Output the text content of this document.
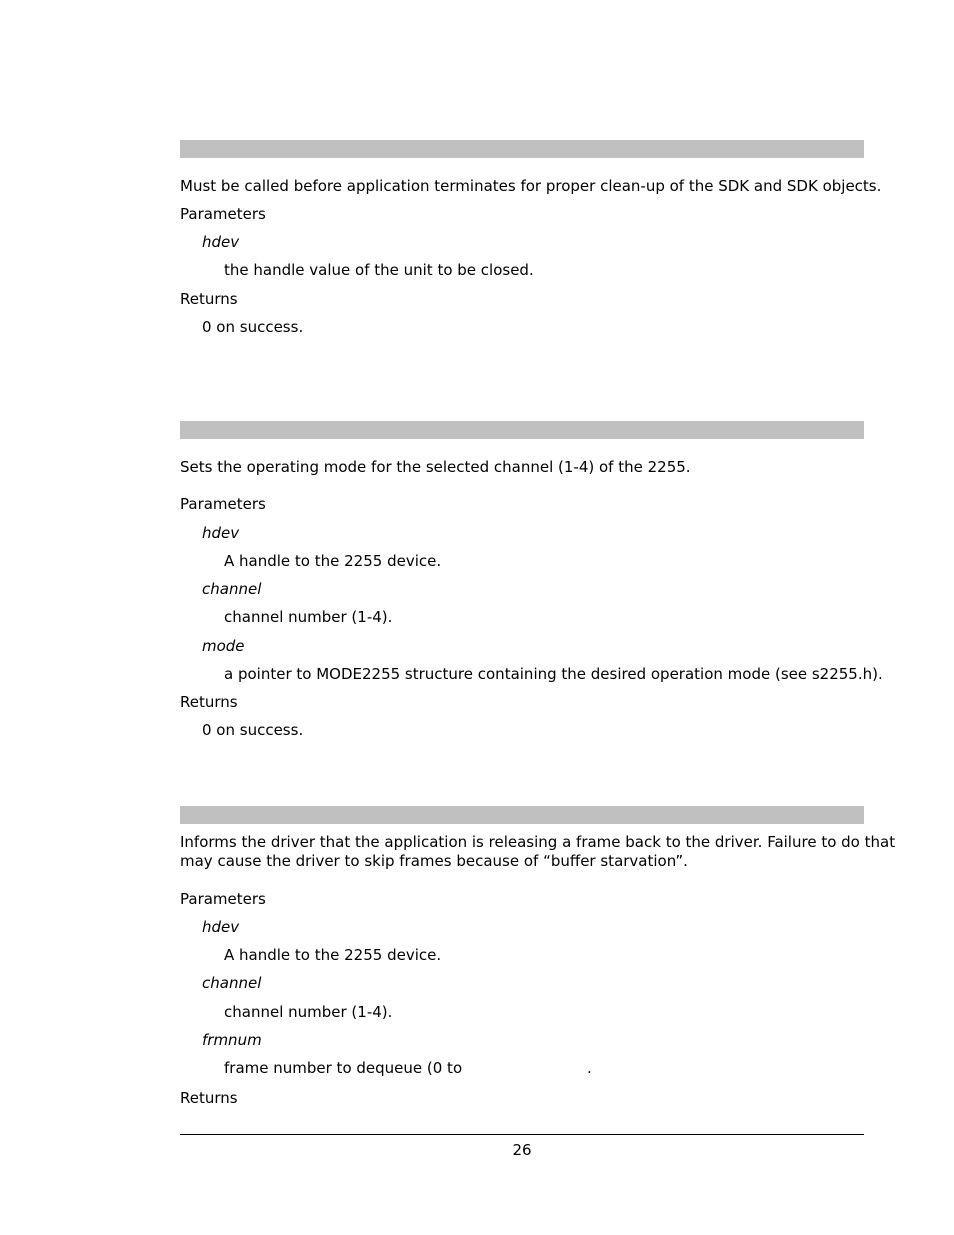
Must be called before application terminates for proper clean-up of the SDK and SDK objects.
Parameters
hdev
the handle value of the unit to be closed.
Returns
0 on success.
Sets the operating mode for the selected channel (1-4) of the 2255.
Parameters
hdev
A handle to the 2255 device.
channel
channel number (1-4).
mode
a pointer to MODE2255 structure containing the desired operation mode (see s2255.h).
Returns
0 on success.
Informs the driver that the application is releasing a frame back to the driver. Failure to do that
may cause the driver to skip frames because of “buffer starvation”.
Parameters
hdev
A handle to the 2255 device.
channel
channel number (1-4).
frmnum
frame number to dequeue (0 to	.
Returns
26
